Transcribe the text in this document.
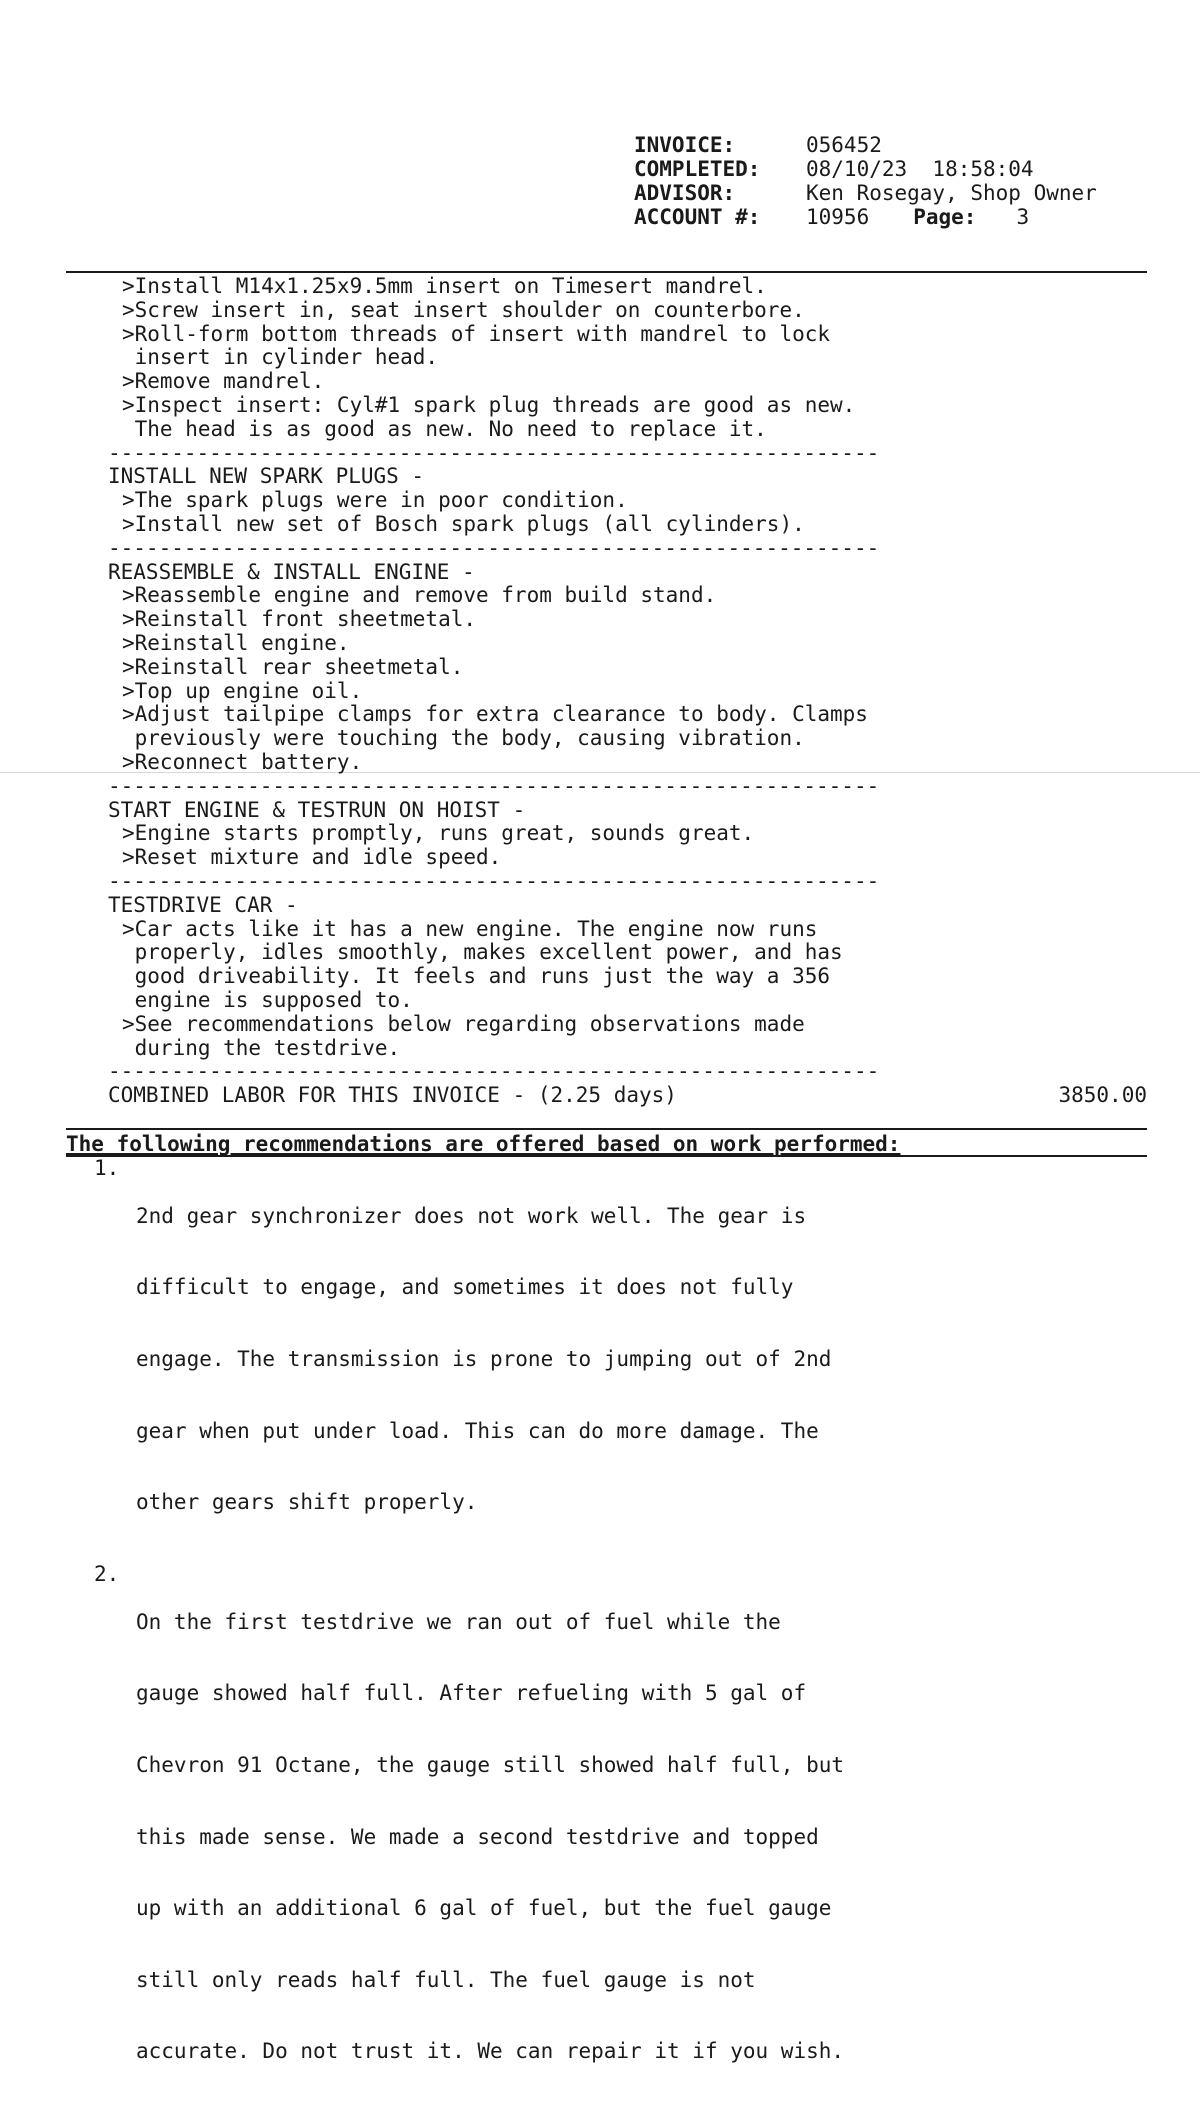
INVOICE:	056452
COMPLETED:	08/10/23  18:58:04
ADVISOR:	Ken Rosegay, Shop Owner
ACCOUNT #:	10956 Page: 3
>Install M14x1.25x9.5mm insert on Timesert mandrel.
>Screw insert in, seat insert shoulder on counterbore.
>Roll-form bottom threads of insert with mandrel to lock
insert in cylinder head.
>Remove mandrel.
>Inspect insert: Cyl#1 spark plug threads are good as new.
The head is as good as new. No need to replace it.
-------------------------------------------------------------
INSTALL NEW SPARK PLUGS -
>The spark plugs were in poor condition.
>Install new set of Bosch spark plugs (all cylinders).
-------------------------------------------------------------
REASSEMBLE & INSTALL ENGINE -
>Reassemble engine and remove from build stand.
>Reinstall front sheetmetal.
>Reinstall engine.
>Reinstall rear sheetmetal.
>Top up engine oil.
>Adjust tailpipe clamps for extra clearance to body. Clamps
previously were touching the body, causing vibration.
>Reconnect battery.
-------------------------------------------------------------
START ENGINE & TESTRUN ON HOIST -
>Engine starts promptly, runs great, sounds great.
>Reset mixture and idle speed.
-------------------------------------------------------------
TESTDRIVE CAR -
>Car acts like it has a new engine. The engine now runs
properly, idles smoothly, makes excellent power, and has
good driveability. It feels and runs just the way a 356
engine is supposed to.
>See recommendations below regarding observations made
during the testdrive.
-------------------------------------------------------------
COMBINED LABOR FOR THIS INVOICE - (2.25 days)	3850.00
The following recommendations are offered based on work performed:
1.

2nd gear synchronizer does not work well. The gear is

difficult to engage, and sometimes it does not fully

engage. The transmission is prone to jumping out of 2nd

gear when put under load. This can do more damage. The

other gears shift properly.

2.

On the first testdrive we ran out of fuel while the

gauge showed half full. After refueling with 5 gal of

Chevron 91 Octane, the gauge still showed half full, but

this made sense. We made a second testdrive and topped

up with an additional 6 gal of fuel, but the fuel gauge

still only reads half full. The fuel gauge is not

accurate. Do not trust it. We can repair it if you wish.
